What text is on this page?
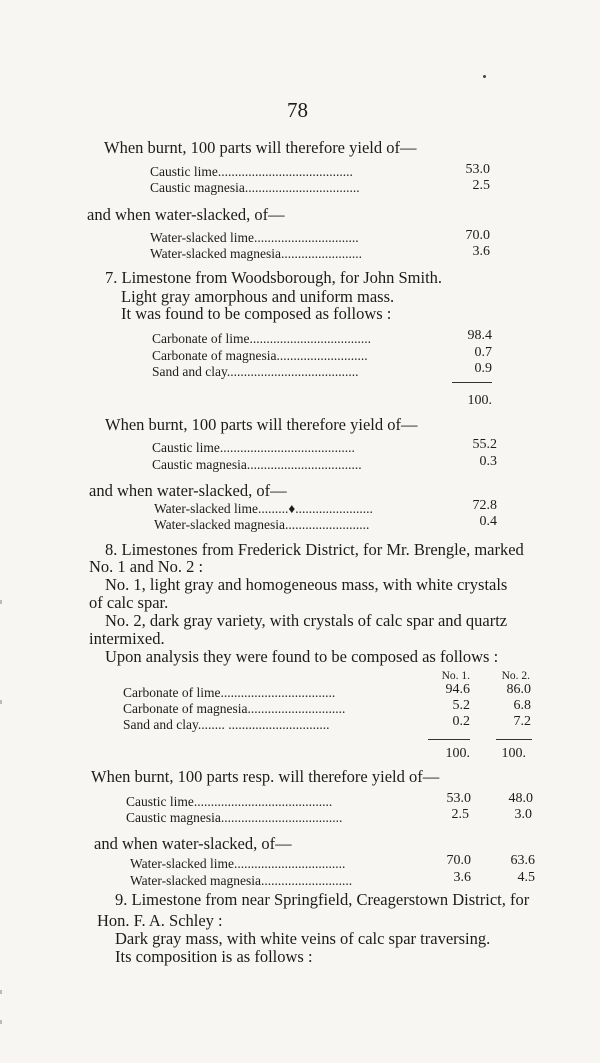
78
When burnt, 100 parts will therefore yield of—
Caustic lime........................................	53.0
Caustic magnesia..................................	2.5
and when water-slacked, of—
Water-slacked lime...............................	70.0
Water-slacked magnesia........................	3.6
7. Limestone from Woodsborough, for John Smith.
Light gray amorphous and uniform mass.
It was found to be composed as follows :
Carbonate of lime....................................	98.4
Carbonate of magnesia...........................	0.7
Sand and clay.......................................	0.9
100.
When burnt, 100 parts will therefore yield of—
Caustic lime........................................	55.2
Caustic magnesia..................................	0.3
and when water-slacked, of—
Water-slacked lime.........♦.......................	72.8
Water-slacked magnesia.........................	0.4
8. Limestones from Frederick District, for Mr. Brengle, marked
No. 1 and No. 2 :
No. 1, light gray and homogeneous mass, with white crystals
of calc spar.
No. 2, dark gray variety, with crystals of calc spar and quartz
intermixed.
Upon analysis they were found to be composed as follows :
No. 1.	No. 2.
Carbonate of lime..................................	94.6	86.0
Carbonate of magnesia.............................	5.2	6.8
Sand and clay........ ..............................	0.2	7.2
100.	100.
When burnt, 100 parts resp. will therefore yield of—
Caustic lime.........................................	53.0	48.0
Caustic magnesia....................................	2.5	3.0
and when water-slacked, of—
Water-slacked lime.................................	70.0	63.6
Water-slacked magnesia...........................	3.6	4.5
9. Limestone from near Springfield, Creagerstown District, for
Hon. F. A. Schley :
Dark gray mass, with white veins of calc spar traversing.
Its composition is as follows :
